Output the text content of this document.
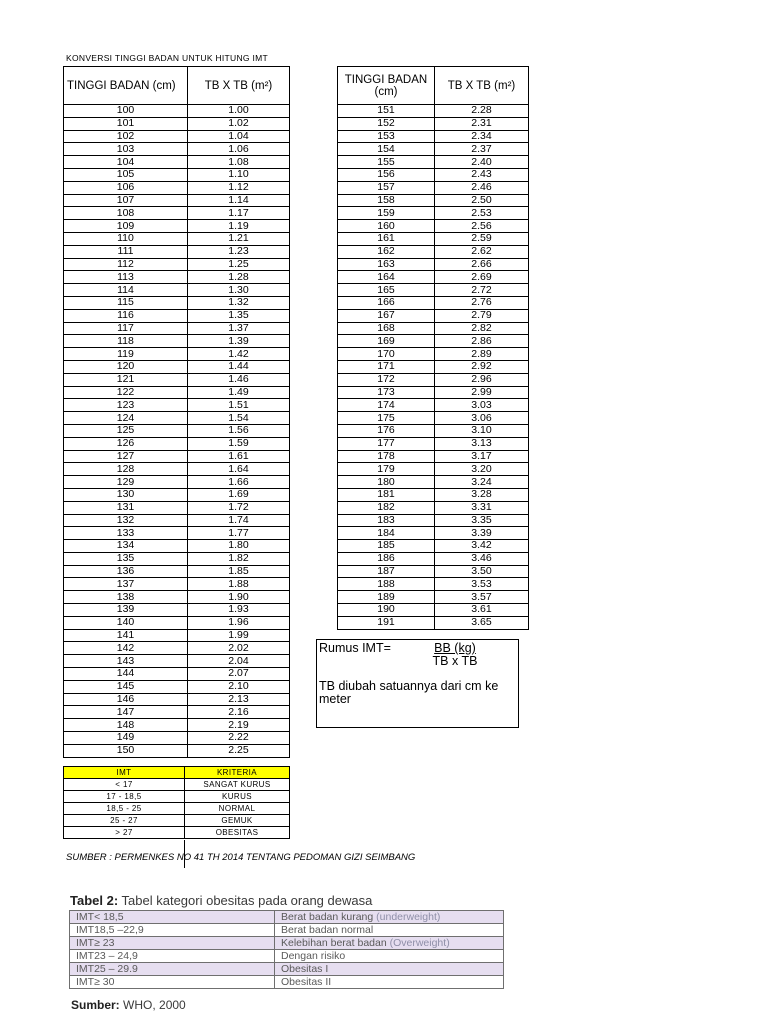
KONVERSI TINGGI BADAN UNTUK HITUNG IMT
TINGGI BADAN (cm)	TB X TB (m²)
100	1.00
101	1.02
102	1.04
103	1.06
104	1.08
105	1.10
106	1.12
107	1.14
108	1.17
109	1.19
110	1.21
111	1.23
112	1.25
113	1.28
114	1.30
115	1.32
116	1.35
117	1.37
118	1.39
119	1.42
120	1.44
121	1.46
122	1.49
123	1.51
124	1.54
125	1.56
126	1.59
127	1.61
128	1.64
129	1.66
130	1.69
131	1.72
132	1.74
133	1.77
134	1.80
135	1.82
136	1.85
137	1.88
138	1.90
139	1.93
140	1.96
141	1.99
142	2.02
143	2.04
144	2.07
145	2.10
146	2.13
147	2.16
148	2.19
149	2.22
150	2.25
TINGGI BADAN (cm)	TB X TB (m²)
151	2.28
152	2.31
153	2.34
154	2.37
155	2.40
156	2.43
157	2.46
158	2.50
159	2.53
160	2.56
161	2.59
162	2.62
163	2.66
164	2.69
165	2.72
166	2.76
167	2.79
168	2.82
169	2.86
170	2.89
171	2.92
172	2.96
173	2.99
174	3.03
175	3.06
176	3.10
177	3.13
178	3.17
179	3.20
180	3.24
181	3.28
182	3.31
183	3.35
184	3.39
185	3.42
186	3.46
187	3.50
188	3.53
189	3.57
190	3.61
191	3.65
Rumus $IMT= \frac{BB (kg)}{\text{TB x TB}}$
TB diubah satuannya dari cm ke meter
IMT	KRITERIA
< 17	SANGAT KURUS
17 - 18,5	KURUS
18,5 - 25	NORMAL
25 - 27	GEMUK
> 27	OBESITAS
SUMBER : PERMENKES NO 41 TH 2014 TENTANG PEDOMAN GIZI SEIMBANG
Tabel 2: Tabel kategori obesitas pada orang dewasa
IMT< 18,5	Berat badan kurang (underweight)
IMT18,5 –22,9	Berat badan normal
IMT≥ 23	Kelebihan berat badan (Overweight)
IMT23 – 24,9	Dengan risiko
IMT25 – 29.9	Obesitas I
IMT≥ 30	Obesitas II
Sumber: WHO, 2000
